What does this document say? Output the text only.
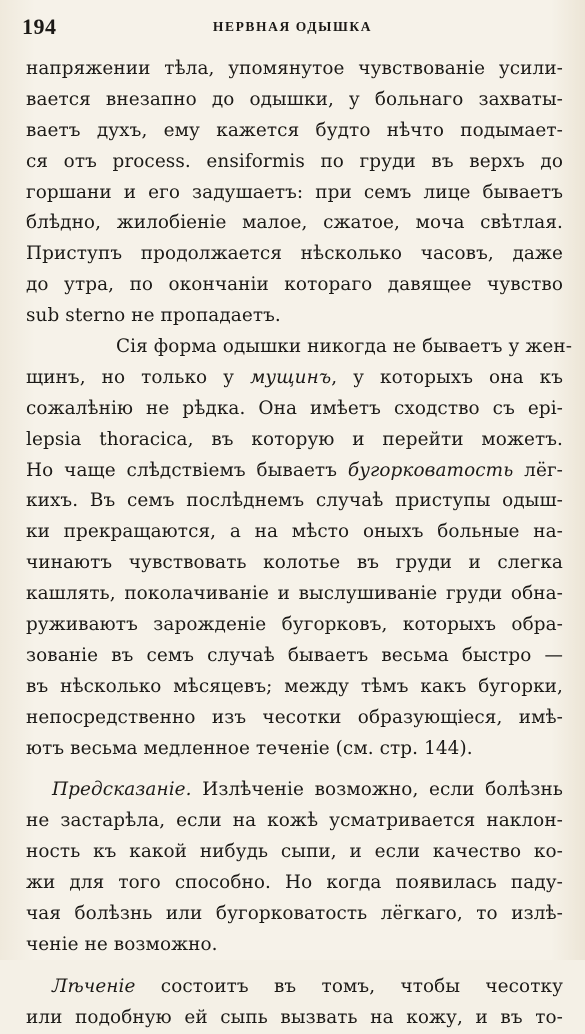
194	НЕРВНАЯ ОДЫШКА
напряжении тѣла, упомянутое чувствованіе усили-
вается внезапно до одышки, у больнаго захваты-
ваетъ духъ, ему кажется будто нѣчто подымает-
ся отъ process. ensiformis по груди въ верхъ до
горшани и его задушаетъ: при семъ лице бываетъ
блѣдно, жилобіеніе малое, сжатое, моча свѣтлая.
Приступъ продолжается нѣсколько часовъ, даже
до утра, по окончаніи котораго давящее чувство
sub sterno не пропадаетъ.
Сія форма одышки никогда не бываетъ у жен-
щинъ, но только у мущинъ, у которыхъ она къ
сожалѣнію не рѣдка. Она имѣетъ сходство съ epi-
lepsia thoracica, въ которую и перейти можетъ.
Но чаще слѣдствіемъ бываетъ бугорковатость лёг-
кихъ. Въ семъ послѣднемъ случаѣ приступы одыш-
ки прекращаются, а на мѣсто оныхъ больные на-
чинаютъ чувствовать колотье въ груди и слегка
кашлять, поколачиваніе и выслушиваніе груди обна-
руживаютъ зарожденіе бугорковъ, которыхъ обра-
зованіе въ семъ случаѣ бываетъ весьма быстро —
въ нѣсколько мѣсяцевъ; между тѣмъ какъ бугорки,
непосредственно изъ чесотки образующіеся, имѣ-
ютъ весьма медленное теченіе (см. стр. 144).
Предсказаніе. Излѣченіе возможно, если болѣзнь
не застарѣла, если на кожѣ усматривается наклон-
ность къ какой нибудь сыпи, и если качество ко-
жи для того способно. Но когда появилась паду-
чая болѣзнь или бугорковатость лёгкаго, то излѣ-
ченіе не возможно.
Лѣченіе состоитъ въ томъ, чтобы чесотку
или подобную ей сыпь вызвать на кожу, и въ то-
